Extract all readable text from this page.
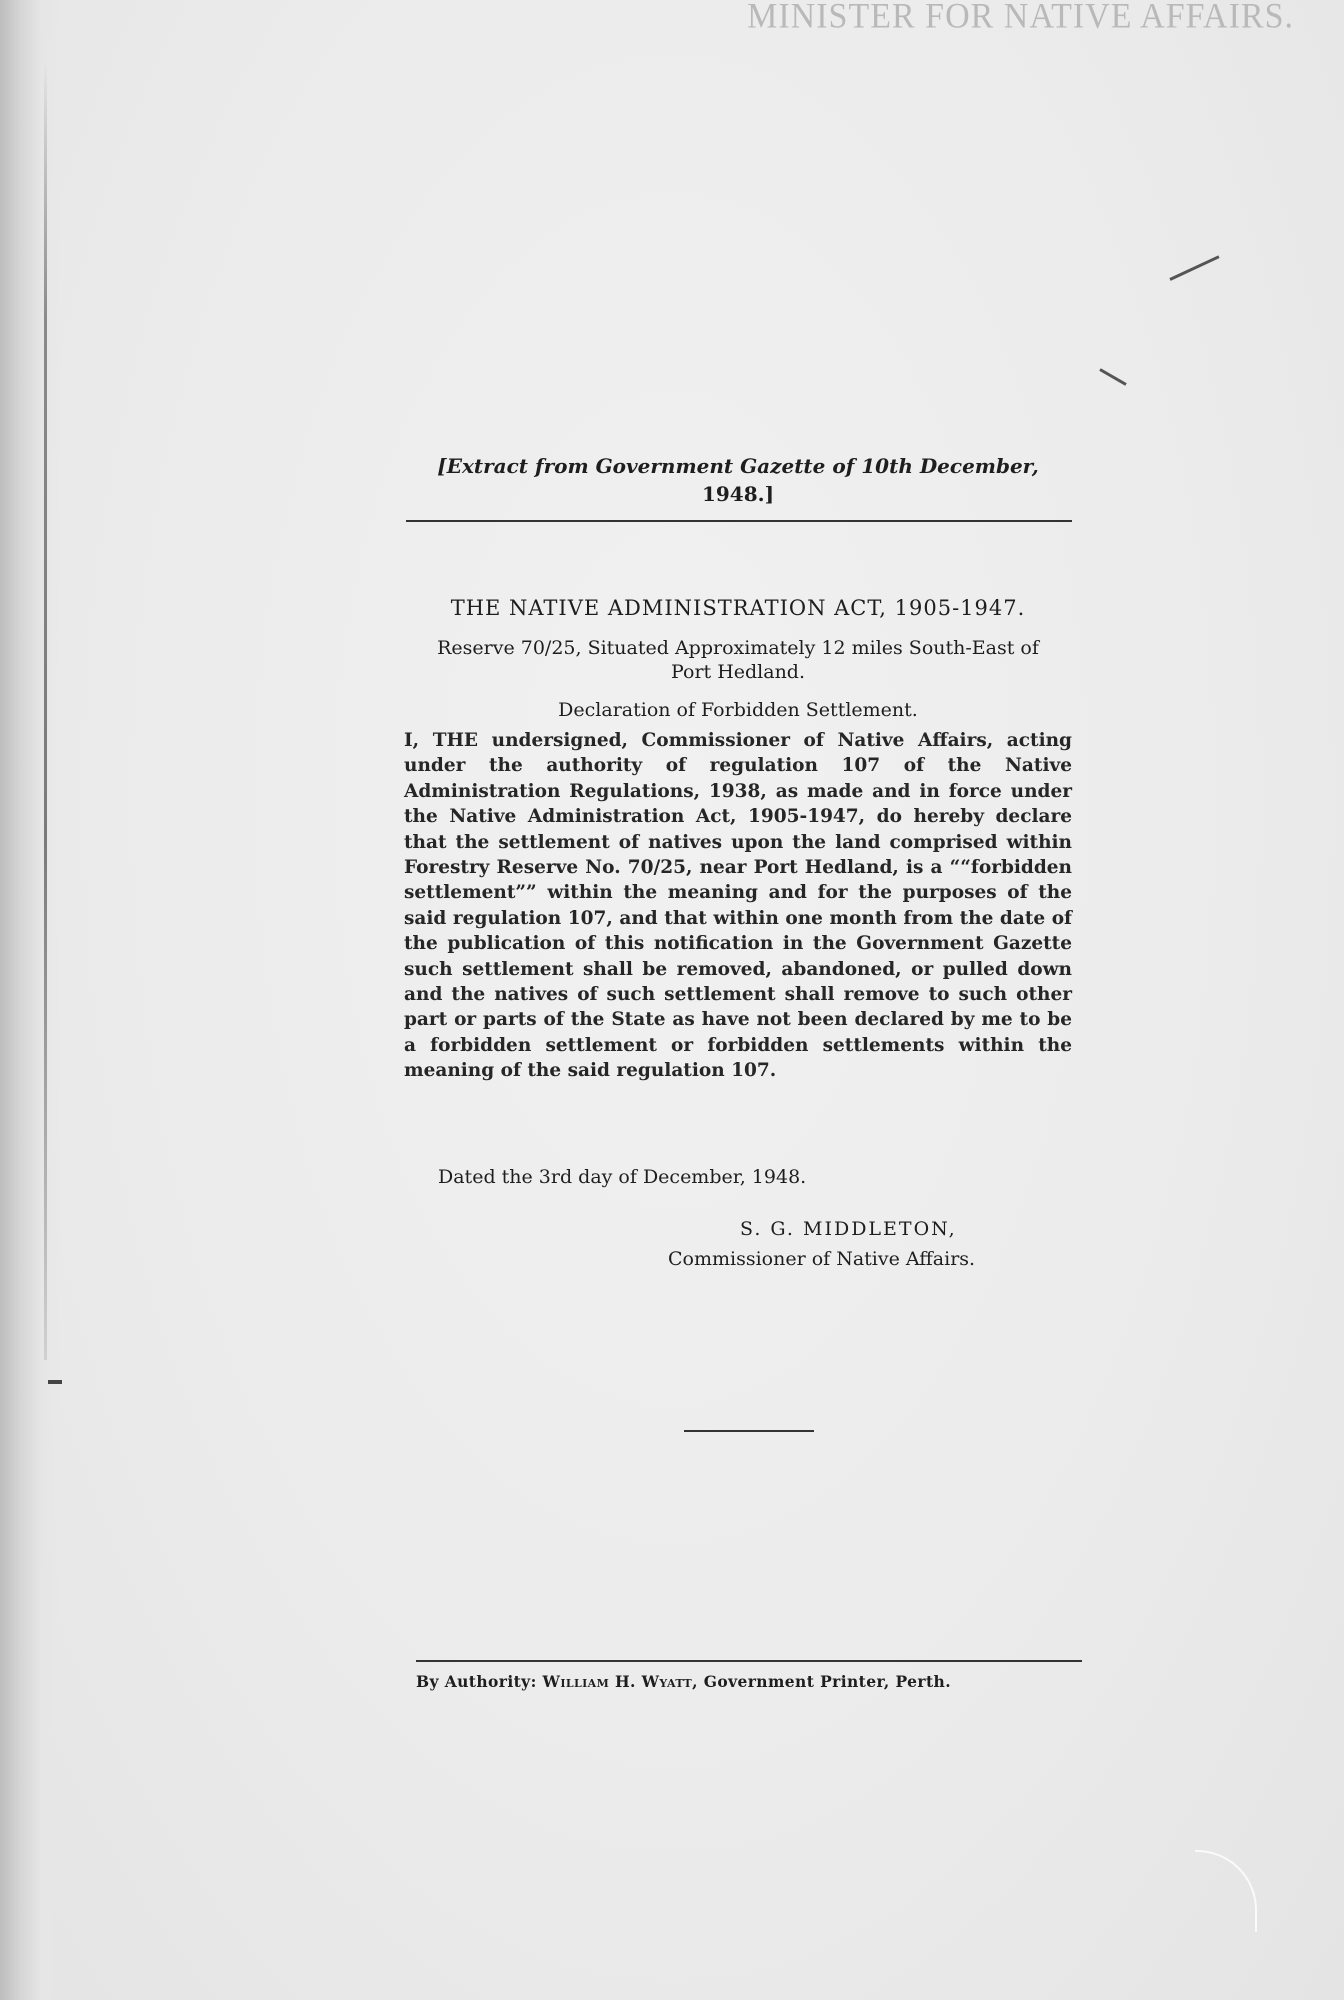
MINISTER FOR NATIVE AFFAIRS.
[Extract from Government Gazette of 10th December,
1948.]
THE NATIVE ADMINISTRATION ACT, 1905-1947.
Reserve 70/25, Situated Approximately 12 miles South-East of Port Hedland.
Declaration of Forbidden Settlement.
I, THE undersigned, Commissioner of Native Affairs, acting under the authority of regulation 107 of the Native Administration Regulations, 1938, as made and in force under the Native Administration Act, 1905-1947, do hereby declare that the settlement of natives upon the land comprised within Forestry Reserve No. 70/25, near Port Hedland, is a ““forbidden settlement”” within the meaning and for the purposes of the said regulation 107, and that within one month from the date of the publication of this notification in the Government Gazette such settlement shall be removed, abandoned, or pulled down and the natives of such settlement shall remove to such other part or parts of the State as have not been declared by me to be a forbidden settlement or forbidden settlements within the meaning of the said regulation 107.
Dated the 3rd day of December, 1948.
S. G. MIDDLETON,
Commissioner of Native Affairs.
By Authority: William H. Wyatt, Government Printer, Perth.
